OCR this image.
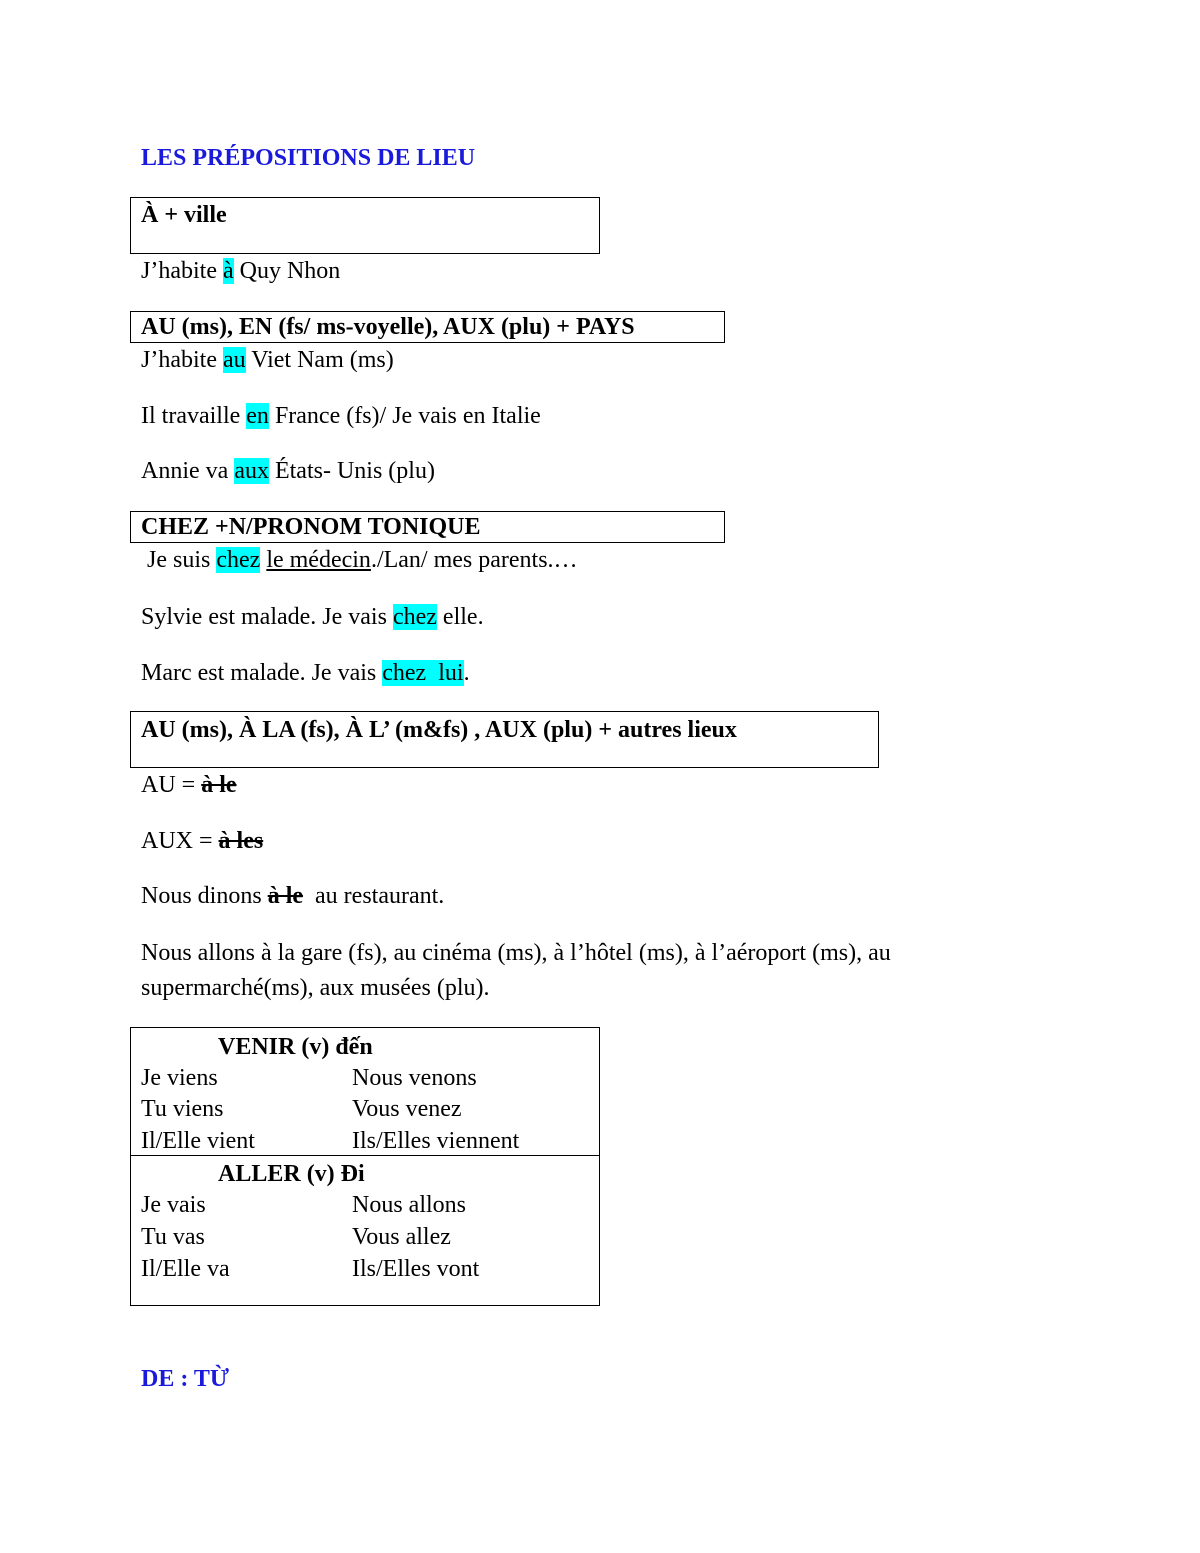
LES PRÉPOSITIONS DE LIEU
À + ville
J’habite à Quy Nhon
AU (ms), EN (fs/ ms-voyelle), AUX (plu) + PAYS
J’habite au Viet Nam (ms)
Il travaille en France (fs)/ Je vais en Italie
Annie va aux États- Unis (plu)
CHEZ +N/PRONOM TONIQUE
Je suis chez le médecin./Lan/ mes parents.…
Sylvie est malade. Je vais chez elle.
Marc est malade. Je vais chez lui.
AU (ms), À LA (fs), À L’ (m&fs) , AUX (plu) + autres lieux
AU = à le
AUX = à les
Nous dinons à le  au restaurant.
Nous allons à la gare (fs), au cinéma (ms), à l’hôtel (ms), à l’aéroport (ms), au
supermarché(ms), aux musées (plu).
VENIR (v) đến
Je viens	Nous venons
Tu viens	Vous venez
Il/Elle vient	Ils/Elles viennent
ALLER (v) Đi
Je vais	Nous allons
Tu vas	Vous allez
Il/Elle va	Ils/Elles vont
DE : TỪ
